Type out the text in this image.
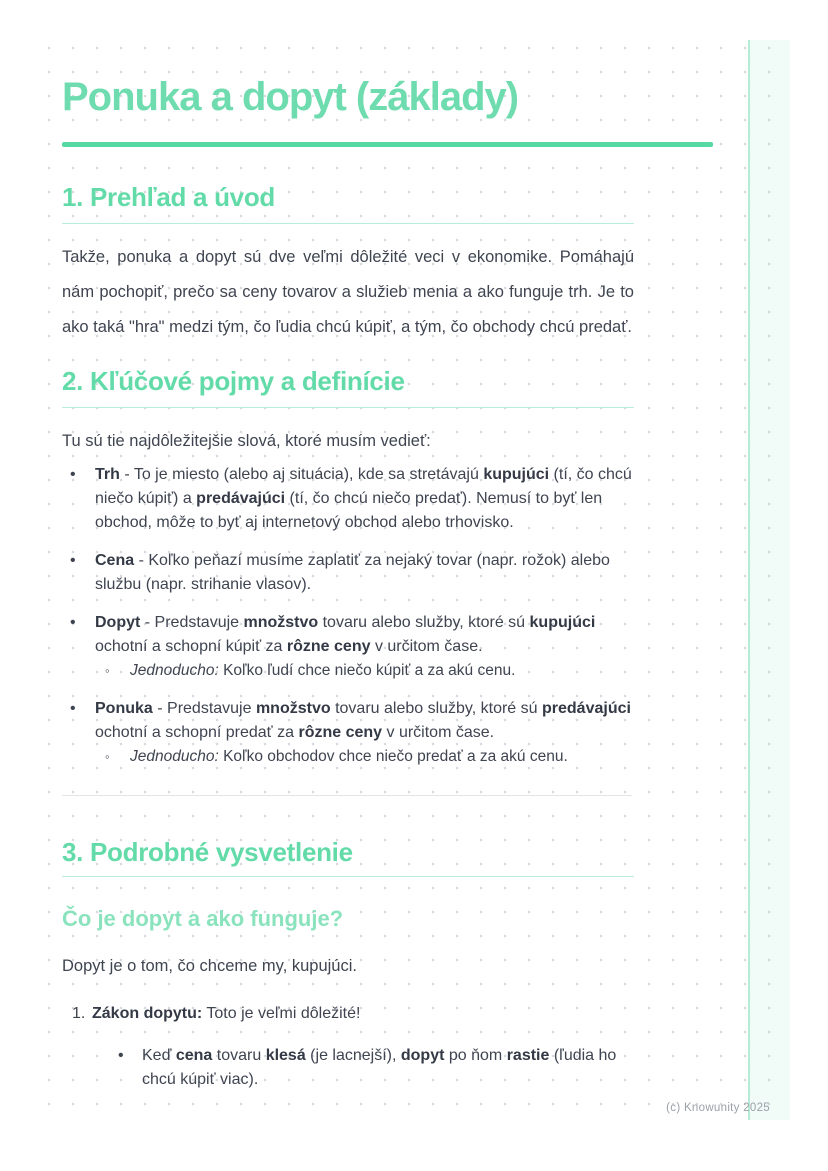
Ponuka a dopyt (základy)
1. Prehľad a úvod

Takže, ponuka a dopyt sú dve veľmi dôležité veci v ekonomike. Pomáhajú nám pochopiť, prečo sa ceny tovarov a služieb menia a ako funguje trh. Je to ako taká "hra" medzi tým, čo ľudia chcú kúpiť, a tým, čo obchody chcú predať.

2. Kľúčové pojmy a definície

Tu sú tie najdôležitejšie slová, ktoré musím vedieť:

•	Trh - To je miesto (alebo aj situácia), kde sa stretávajú kupujúci (tí, čo chcú niečo kúpiť) a predávajúci (tí, čo chcú niečo predať). Nemusí to byť len obchod, môže to byť aj internetový obchod alebo trhovisko.
•	Cena - Koľko peňazí musíme zaplatiť za nejaký tovar (napr. rožok) alebo službu (napr. strihanie vlasov).
•	Dopyt - Predstavuje množstvo tovaru alebo služby, ktoré sú kupujúci ochotní a schopní kúpiť za rôzne ceny v určitom čase.
◦	Jednoducho: Koľko ľudí chce niečo kúpiť a za akú cenu.
•	Ponuka - Predstavuje množstvo tovaru alebo služby, ktoré sú predávajúci ochotní a schopní predať za rôzne ceny v určitom čase.
◦	Jednoducho: Koľko obchodov chce niečo predať a za akú cenu.
3. Podrobné vysvetlenie
Čo je dopyt a ako funguje?

Dopyt je o tom, čo chceme my, kupujúci.

1. Zákon dopytu: Toto je veľmi dôležité!
•	Keď cena tovaru klesá (je lacnejší), dopyt po ňom rastie (ľudia ho chcú kúpiť viac).
(c) Knowunity 2025
